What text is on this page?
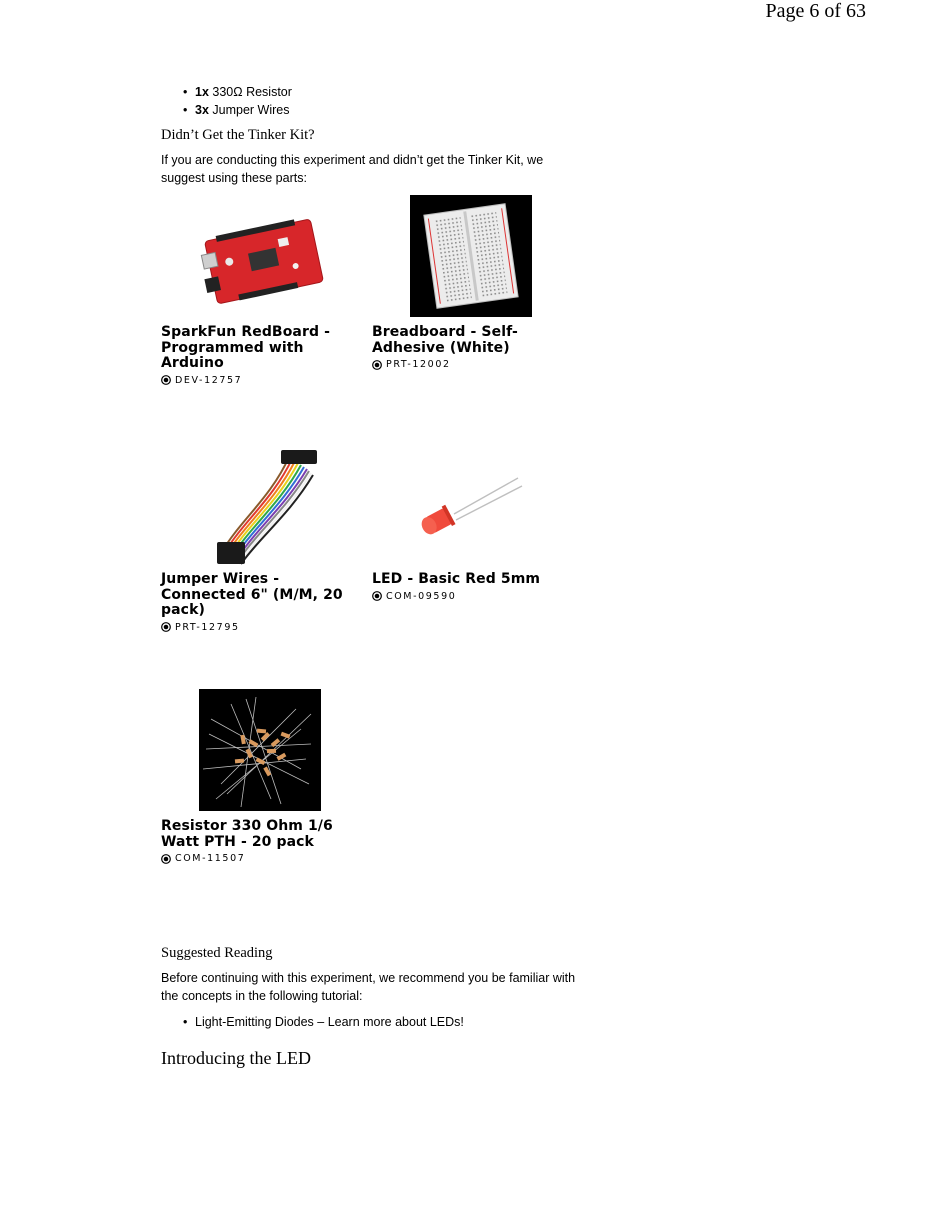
Page 6 of 63
• 1x 330Ω Resistor
• 3x Jumper Wires
Didn’t Get the Tinker Kit?
If you are conducting this experiment and didn’t get the Tinker Kit, we suggest using these parts:
SparkFun RedBoard - Programmed with Arduino
DEV-12757
Breadboard - Self-Adhesive (White)
PRT-12002
Jumper Wires - Connected 6" (M/M, 20 pack)
PRT-12795
LED - Basic Red 5mm
COM-09590
Resistor 330 Ohm 1/6 Watt PTH - 20 pack
COM-11507
Suggested Reading
Before continuing with this experiment, we recommend you be familiar with the concepts in the following tutorial:
• Light-Emitting Diodes – Learn more about LEDs!
Introducing the LED
